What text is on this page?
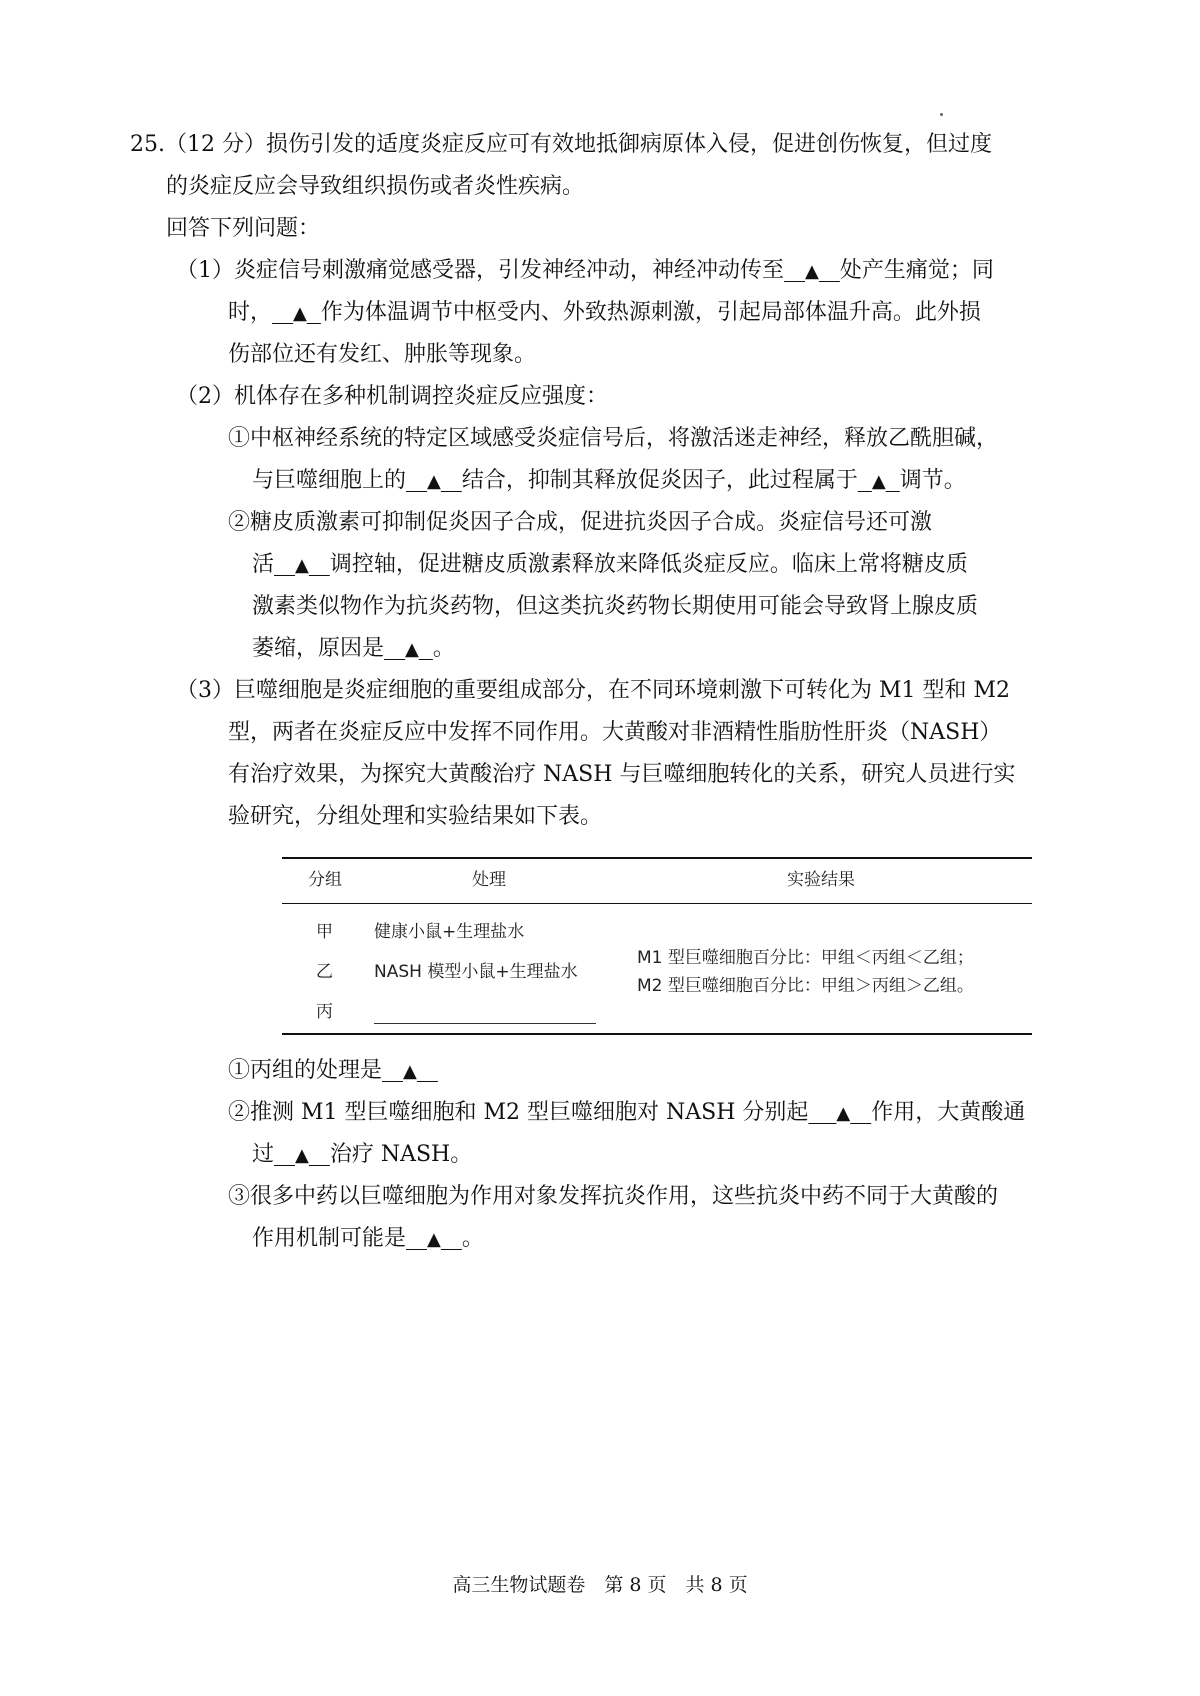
25.（12 分）损伤引发的适度炎症反应可有效地抵御病原体入侵，促进创伤恢复，但过度
的炎症反应会导致组织损伤或者炎性疾病。
回答下列问题：
（1）炎症信号刺激痛觉感受器，引发神经冲动，神经冲动传至 ▲ 处产生痛觉；同
时， ▲ 作为体温调节中枢受内、外致热源刺激，引起局部体温升高。此外损
伤部位还有发红、肿胀等现象。
（2）机体存在多种机制调控炎症反应强度：
①中枢神经系统的特定区域感受炎症信号后，将激活迷走神经，释放乙酰胆碱，
与巨噬细胞上的 ▲ 结合，抑制其释放促炎因子，此过程属于 ▲ 调节。
②糖皮质激素可抑制促炎因子合成，促进抗炎因子合成。炎症信号还可激
活 ▲ 调控轴，促进糖皮质激素释放来降低炎症反应。临床上常将糖皮质
激素类似物作为抗炎药物，但这类抗炎药物长期使用可能会导致肾上腺皮质
萎缩，原因是 ▲ 。
（3）巨噬细胞是炎症细胞的重要组成部分，在不同环境刺激下可转化为 M1 型和 M2
型，两者在炎症反应中发挥不同作用。大黄酸对非酒精性脂肪性肝炎（NASH）
有治疗效果，为探究大黄酸治疗 NASH 与巨噬细胞转化的关系，研究人员进行实
验研究，分组处理和实验结果如下表。
分组	处理	实验结果
甲
乙
丙
健康小鼠+生理盐水
NASH 模型小鼠+生理盐水
M1 型巨噬细胞百分比：甲组＜丙组＜乙组；
M2 型巨噬细胞百分比：甲组＞丙组＞乙组。
①丙组的处理是 ▲
②推测 M1 型巨噬细胞和 M2 型巨噬细胞对 NASH 分别起 ▲ 作用，大黄酸通
过 ▲ 治疗 NASH。
③很多中药以巨噬细胞为作用对象发挥抗炎作用，这些抗炎中药不同于大黄酸的
作用机制可能是 ▲ 。
高三生物试题卷　第 8 页　共 8 页
